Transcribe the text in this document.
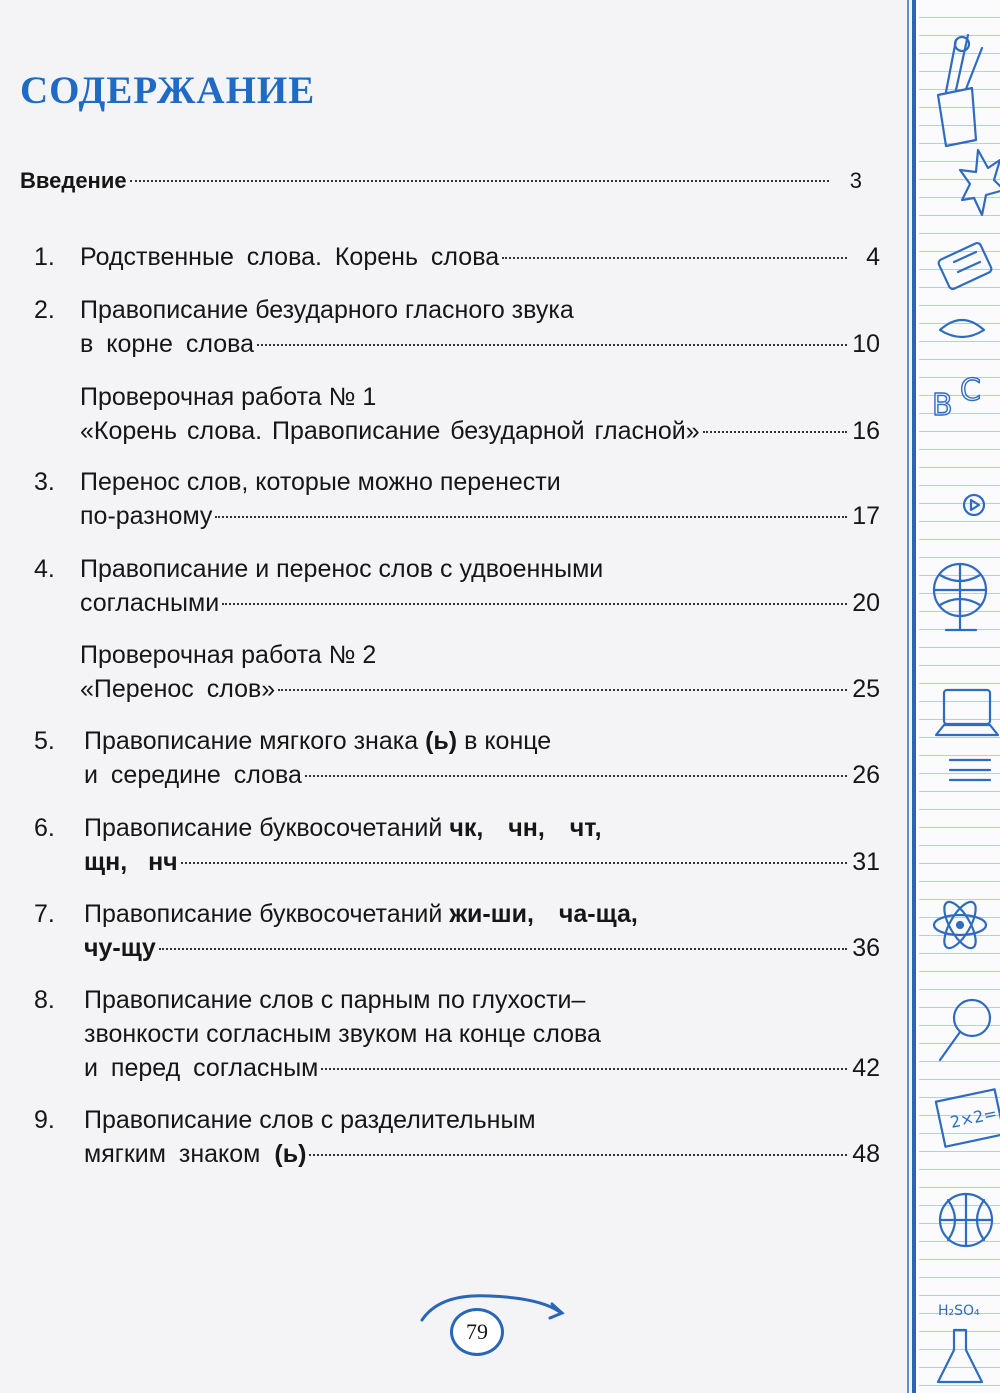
B C
2×2=
H₂SO₄
СОДЕРЖАНИЕ
Введение	3
1. Родственные слова. Корень слова	4
2. Правописание безударного гласного звука
в корне слова	10
Проверочная работа № 1
«Корень слова. Правописание безударной гласной»	16
3. Перенос слов, которые можно перенести
по-разному	17
4. Правописание и перенос слов с удвоенными
согласными	20
Проверочная работа № 2
«Перенос слов»	25
5. Правописание мягкого знака (ь) в конце
и середине слова	26
6. Правописание буквосочетаний чк, чн, чт,
щн, нч	31
7. Правописание буквосочетаний жи-ши, ча-ща,
чу-щу	36
8. Правописание слов с парным по глухости–
звонкости согласным звуком на конце слова
и перед согласным	42
9. Правописание слов с разделительным
мягким знаком (ь)	48
79
